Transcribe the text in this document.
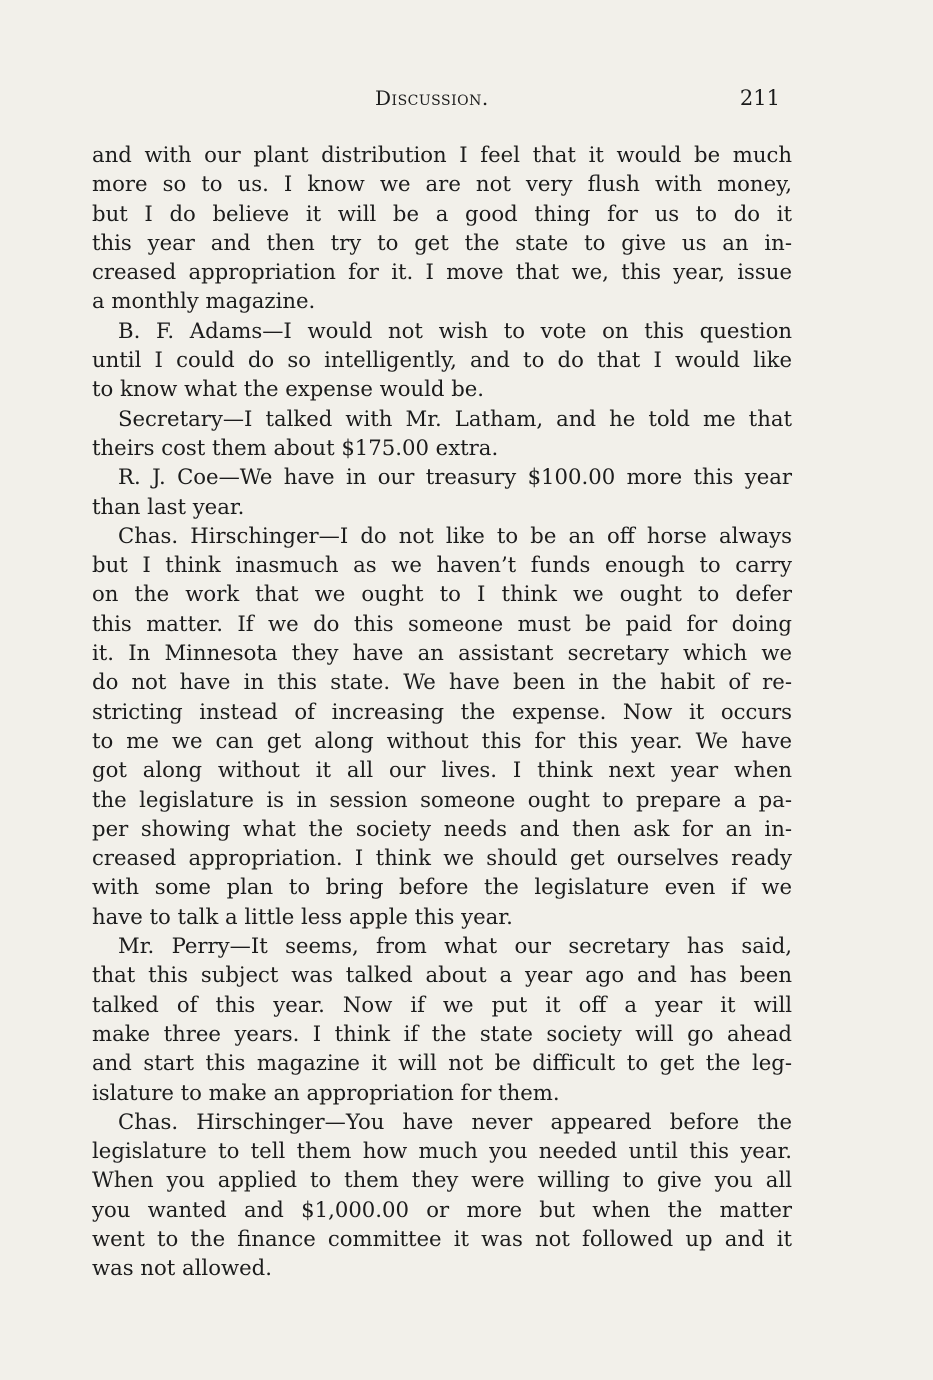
Discussion.	211
and with our plant distribution I feel that it would be much
more so to us. I know we are not very flush with money,
but I do believe it will be a good thing for us to do it
this year and then try to get the state to give us an in-
creased appropriation for it. I move that we, this year, issue
a monthly magazine.
B. F. Adams—I would not wish to vote on this question
until I could do so intelligently, and to do that I would like
to know what the expense would be.
Secretary—I talked with Mr. Latham, and he told me that
theirs cost them about $175.00 extra.
R. J. Coe—We have in our treasury $100.00 more this year
than last year.
Chas. Hirschinger—I do not like to be an off horse always
but I think inasmuch as we haven’t funds enough to carry
on the work that we ought to I think we ought to defer
this matter. If we do this someone must be paid for doing
it. In Minnesota they have an assistant secretary which we
do not have in this state. We have been in the habit of re-
stricting instead of increasing the expense. Now it occurs
to me we can get along without this for this year. We have
got along without it all our lives. I think next year when
the legislature is in session someone ought to prepare a pa-
per showing what the society needs and then ask for an in-
creased appropriation. I think we should get ourselves ready
with some plan to bring before the legislature even if we
have to talk a little less apple this year.
Mr. Perry—It seems, from what our secretary has said,
that this subject was talked about a year ago and has been
talked of this year. Now if we put it off a year it will
make three years. I think if the state society will go ahead
and start this magazine it will not be difficult to get the leg-
islature to make an appropriation for them.
Chas. Hirschinger—You have never appeared before the
legislature to tell them how much you needed until this year.
When you applied to them they were willing to give you all
you wanted and $1,000.00 or more but when the matter
went to the finance committee it was not followed up and it
was not allowed.
